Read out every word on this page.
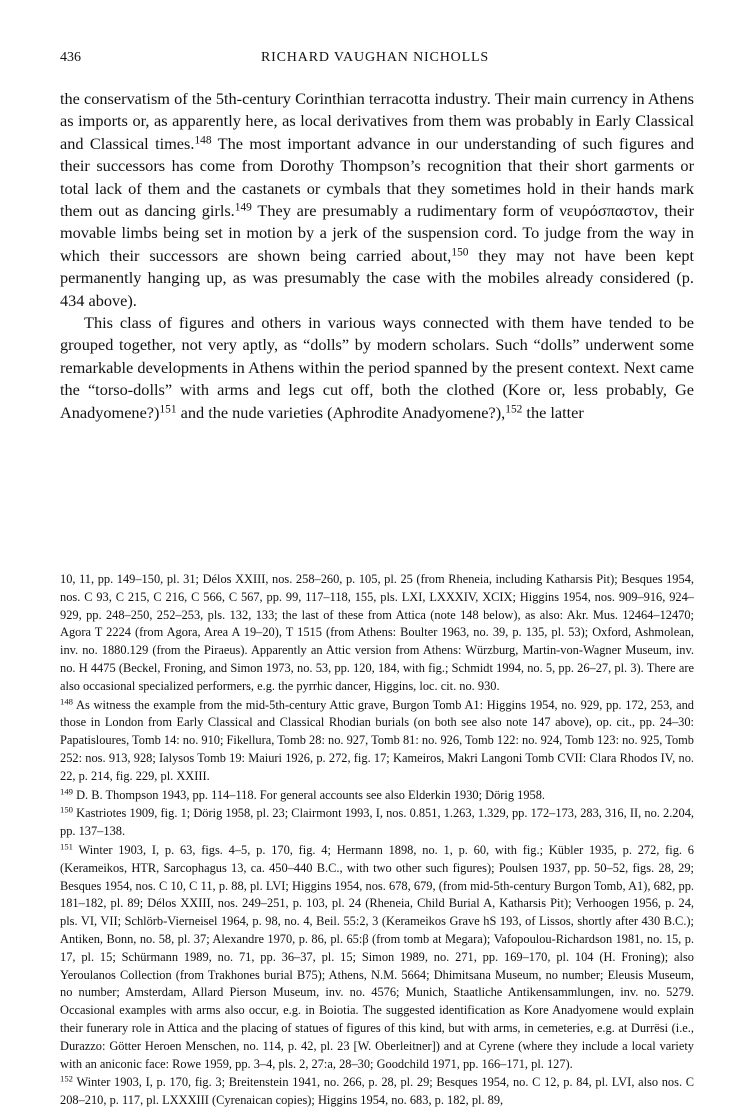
436	RICHARD VAUGHAN NICHOLLS

the conservatism of the 5th-century Corinthian terracotta industry. Their main currency in Athens as imports or, as apparently here, as local derivatives from them was probably in Early Classical and Classical times.$^{148}$ The most important advance in our understanding of such figures and their successors has come from Dorothy Thompson’s recognition that their short garments or total lack of them and the castanets or cymbals that they sometimes hold in their hands mark them out as dancing girls.$^{149}$ They are presumably a rudimentary form of νευρόσπαστον, their movable limbs being set in motion by a jerk of the suspension cord. To judge from the way in which their successors are shown being carried about,$^{150}$ they may not have been kept permanently hanging up, as was presumably the case with the mobiles already considered (p. 434 above).

This class of figures and others in various ways connected with them have tended to be grouped together, not very aptly, as “dolls” by modern scholars. Such “dolls” underwent some remarkable developments in Athens within the period spanned by the present context. Next came the “torso-dolls” with arms and legs cut off, both the clothed (Kore or, less probably, Ge Anadyomene?)$^{151}$ and the nude varieties (Aphrodite Anadyomene?),$^{152}$ the latter

10, 11, pp. 149–150, pl. 31; Délos XXIII, nos. 258–260, p. 105, pl. 25 (from Rheneia, including Katharsis Pit); Besques 1954, nos. C 93, C 215, C 216, C 566, C 567, pp. 99, 117–118, 155, pls. LXI, LXXXIV, XCIX; Higgins 1954, nos. 909–916, 924–929, pp. 248–250, 252–253, pls. 132, 133; the last of these from Attica (note 148 below), as also: Akr. Mus. 12464–12470; Agora T 2224 (from Agora, Area A 19–20), T 1515 (from Athens: Boulter 1963, no. 39, p. 135, pl. 53); Oxford, Ashmolean, inv. no. 1880.129 (from the Piraeus). Apparently an Attic version from Athens: Würzburg, Martin-von-Wagner Museum, inv. no. H 4475 (Beckel, Froning, and Simon 1973, no. 53, pp. 120, 184, with fig.; Schmidt 1994, no. 5, pp. 26–27, pl. 3). There are also occasional specialized performers, e.g. the pyrrhic dancer, Higgins, loc. cit. no. 930.

$^{148}$ As witness the example from the mid-5th-century Attic grave, Burgon Tomb A1: Higgins 1954, no. 929, pp. 172, 253, and those in London from Early Classical and Classical Rhodian burials (on both see also note 147 above), op. cit., pp. 24–30: Papatisloures, Tomb 14: no. 910; Fikellura, Tomb 28: no. 927, Tomb 81: no. 926, Tomb 122: no. 924, Tomb 123: no. 925, Tomb 252: nos. 913, 928; Ialysos Tomb 19: Maiuri 1926, p. 272, fig. 17; Kameiros, Makri Langoni Tomb CVII: Clara Rhodos IV, no. 22, p. 214, fig. 229, pl. XXIII.

$^{149}$ D. B. Thompson 1943, pp. 114–118. For general accounts see also Elderkin 1930; Dörig 1958.

$^{150}$ Kastriotes 1909, fig. 1; Dörig 1958, pl. 23; Clairmont 1993, I, nos. 0.851, 1.263, 1.329, pp. 172–173, 283, 316, II, no. 2.204, pp. 137–138.

$^{151}$ Winter 1903, I, p. 63, figs. 4–5, p. 170, fig. 4; Hermann 1898, no. 1, p. 60, with fig.; Kübler 1935, p. 272, fig. 6 (Kerameikos, HTR, Sarcophagus 13, ca. 450–440 B.C., with two other such figures); Poulsen 1937, pp. 50–52, figs. 28, 29; Besques 1954, nos. C 10, C 11, p. 88, pl. LVI; Higgins 1954, nos. 678, 679, (from mid-5th-century Burgon Tomb, A1), 682, pp. 181–182, pl. 89; Délos XXIII, nos. 249–251, p. 103, pl. 24 (Rheneia, Child Burial A, Katharsis Pit); Verhoogen 1956, p. 24, pls. VI, VII; Schlörb-Vierneisel 1964, p. 98, no. 4, Beil. 55:2, 3 (Kerameikos Grave hS 193, of Lissos, shortly after 430 B.C.); Antiken, Bonn, no. 58, pl. 37; Alexandre 1970, p. 86, pl. 65:β (from tomb at Megara); Vafopoulou-Richardson 1981, no. 15, p. 17, pl. 15; Schürmann 1989, no. 71, pp. 36–37, pl. 15; Simon 1989, no. 271, pp. 169–170, pl. 104 (H. Froning); also Yeroulanos Collection (from Trakhones burial B75); Athens, N.M. 5664; Dhimitsana Museum, no number; Eleusis Museum, no number; Amsterdam, Allard Pierson Museum, inv. no. 4576; Munich, Staatliche Antikensammlungen, inv. no. 5279. Occasional examples with arms also occur, e.g. in Boiotia. The suggested identification as Kore Anadyomene would explain their funerary role in Attica and the placing of statues of figures of this kind, but with arms, in cemeteries, e.g. at Durrësi (i.e., Durazzo: Götter Heroen Menschen, no. 114, p. 42, pl. 23 [W. Oberleitner]) and at Cyrene (where they include a local variety with an aniconic face: Rowe 1959, pp. 3–4, pls. 2, 27:a, 28–30; Goodchild 1971, pp. 166–171, pl. 127).

$^{152}$ Winter 1903, I, p. 170, fig. 3; Breitenstein 1941, no. 266, p. 28, pl. 29; Besques 1954, no. C 12, p. 84, pl. LVI, also nos. C 208–210, p. 117, pl. LXXXIII (Cyrenaican copies); Higgins 1954, no. 683, p. 182, pl. 89,
